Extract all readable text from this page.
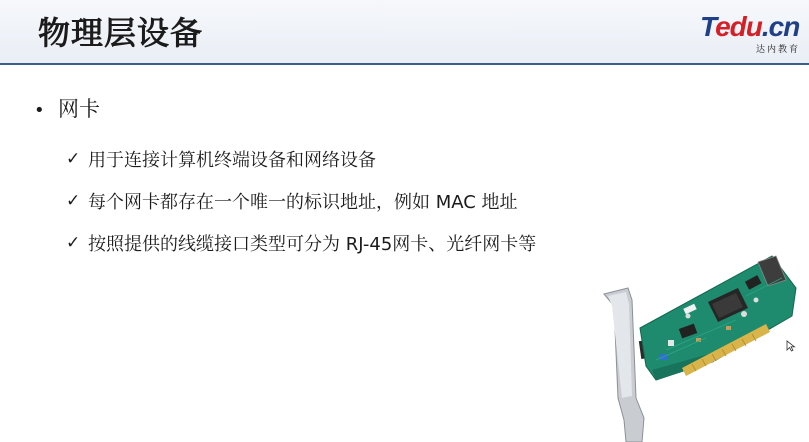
物理层设备	Tedu.cn
达内教育
• 网卡
✓ 用于连接计算机终端设备和网络设备
✓ 每个网卡都存在一个唯一的标识地址，例如 MAC 地址
✓ 按照提供的线缆接口类型可分为 RJ-45网卡、光纤网卡等
